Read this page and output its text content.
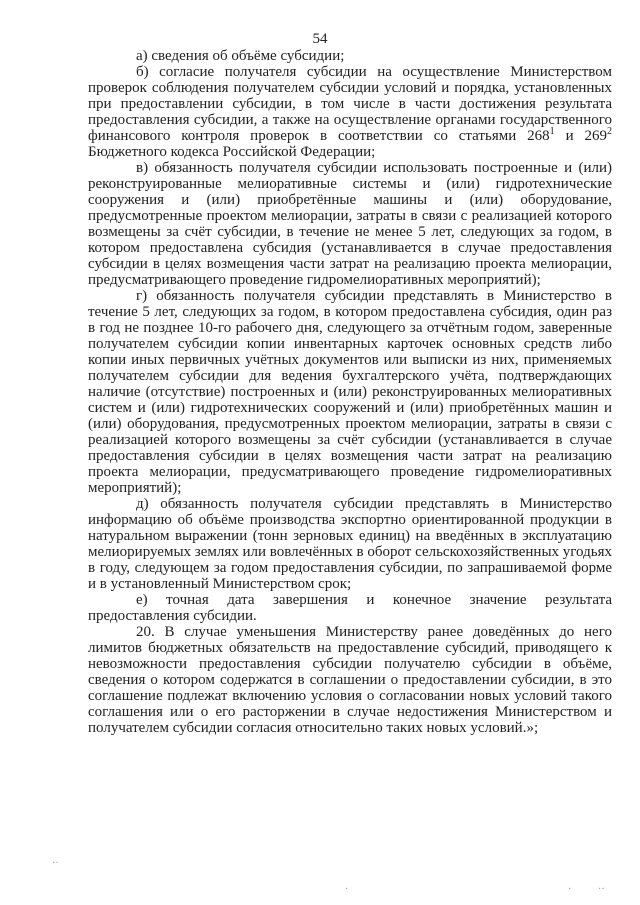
54

а) сведения об объёме субсидии;

б) согласие получателя субсидии на осуществление Министерством проверок соблюдения получателем субсидии условий и порядка, установленных при предоставлении субсидии, в том числе в части достижения результата предоставления субсидии, а также на осуществление органами государственного финансового контроля проверок в соответствии со статьями $268^1$ и $269^2$ Бюджетного кодекса Российской Федерации;

в) обязанность получателя субсидии использовать построенные и (или) реконструированные мелиоративные системы и (или) гидротехнические сооружения и (или) приобретённые машины и (или) оборудование, предусмотренные проектом мелиорации, затраты в связи с реализацией которого возмещены за счёт субсидии, в течение не менее 5 лет, следующих за годом, в котором предоставлена субсидия (устанавливается в случае предоставления субсидии в целях возмещения части затрат на реализацию проекта мелиорации, предусматривающего проведение гидромелиоративных мероприятий);

г) обязанность получателя субсидии представлять в Министерство в течение 5 лет, следующих за годом, в котором предоставлена субсидия, один раз в год не позднее 10-го рабочего дня, следующего за отчётным годом, заверенные получателем субсидии копии инвентарных карточек основных средств либо копии иных первичных учётных документов или выписки из них, применяемых получателем субсидии для ведения бухгалтерского учёта, подтверждающих наличие (отсутствие) построенных и (или) реконструированных мелиоративных систем и (или) гидротехнических сооружений и (или) приобретённых машин и (или) оборудования, предусмотренных проектом мелиорации, затраты в связи с реализацией которого возмещены за счёт субсидии (устанавливается в случае предоставления субсидии в целях возмещения части затрат на реализацию проекта мелиорации, предусматривающего проведение гидромелиоративных мероприятий);

д) обязанность получателя субсидии представлять в Министерство информацию об объёме производства экспортно ориентированной продукции в натуральном выражении (тонн зерновых единиц) на введённых в эксплуатацию мелиорируемых землях или вовлечённых в оборот сельскохозяйственных угодьях в году, следующем за годом предоставления субсидии, по запрашиваемой форме и в установленный Министерством срок;

е) точная дата завершения и конечное значение результата предоставления субсидии.

20. В случае уменьшения Министерству ранее доведённых до него лимитов бюджетных обязательств на предоставление субсидий, приводящего к невозможности предоставления субсидии получателю субсидии в объёме, сведения о котором содержатся в соглашении о предоставлении субсидии, в это соглашение подлежат включению условия о согласовании новых условий такого соглашения или о его расторжении в случае недостижения Министерством и получателем субсидии согласия относительно таких новых условий.»;

··
·	·	··
